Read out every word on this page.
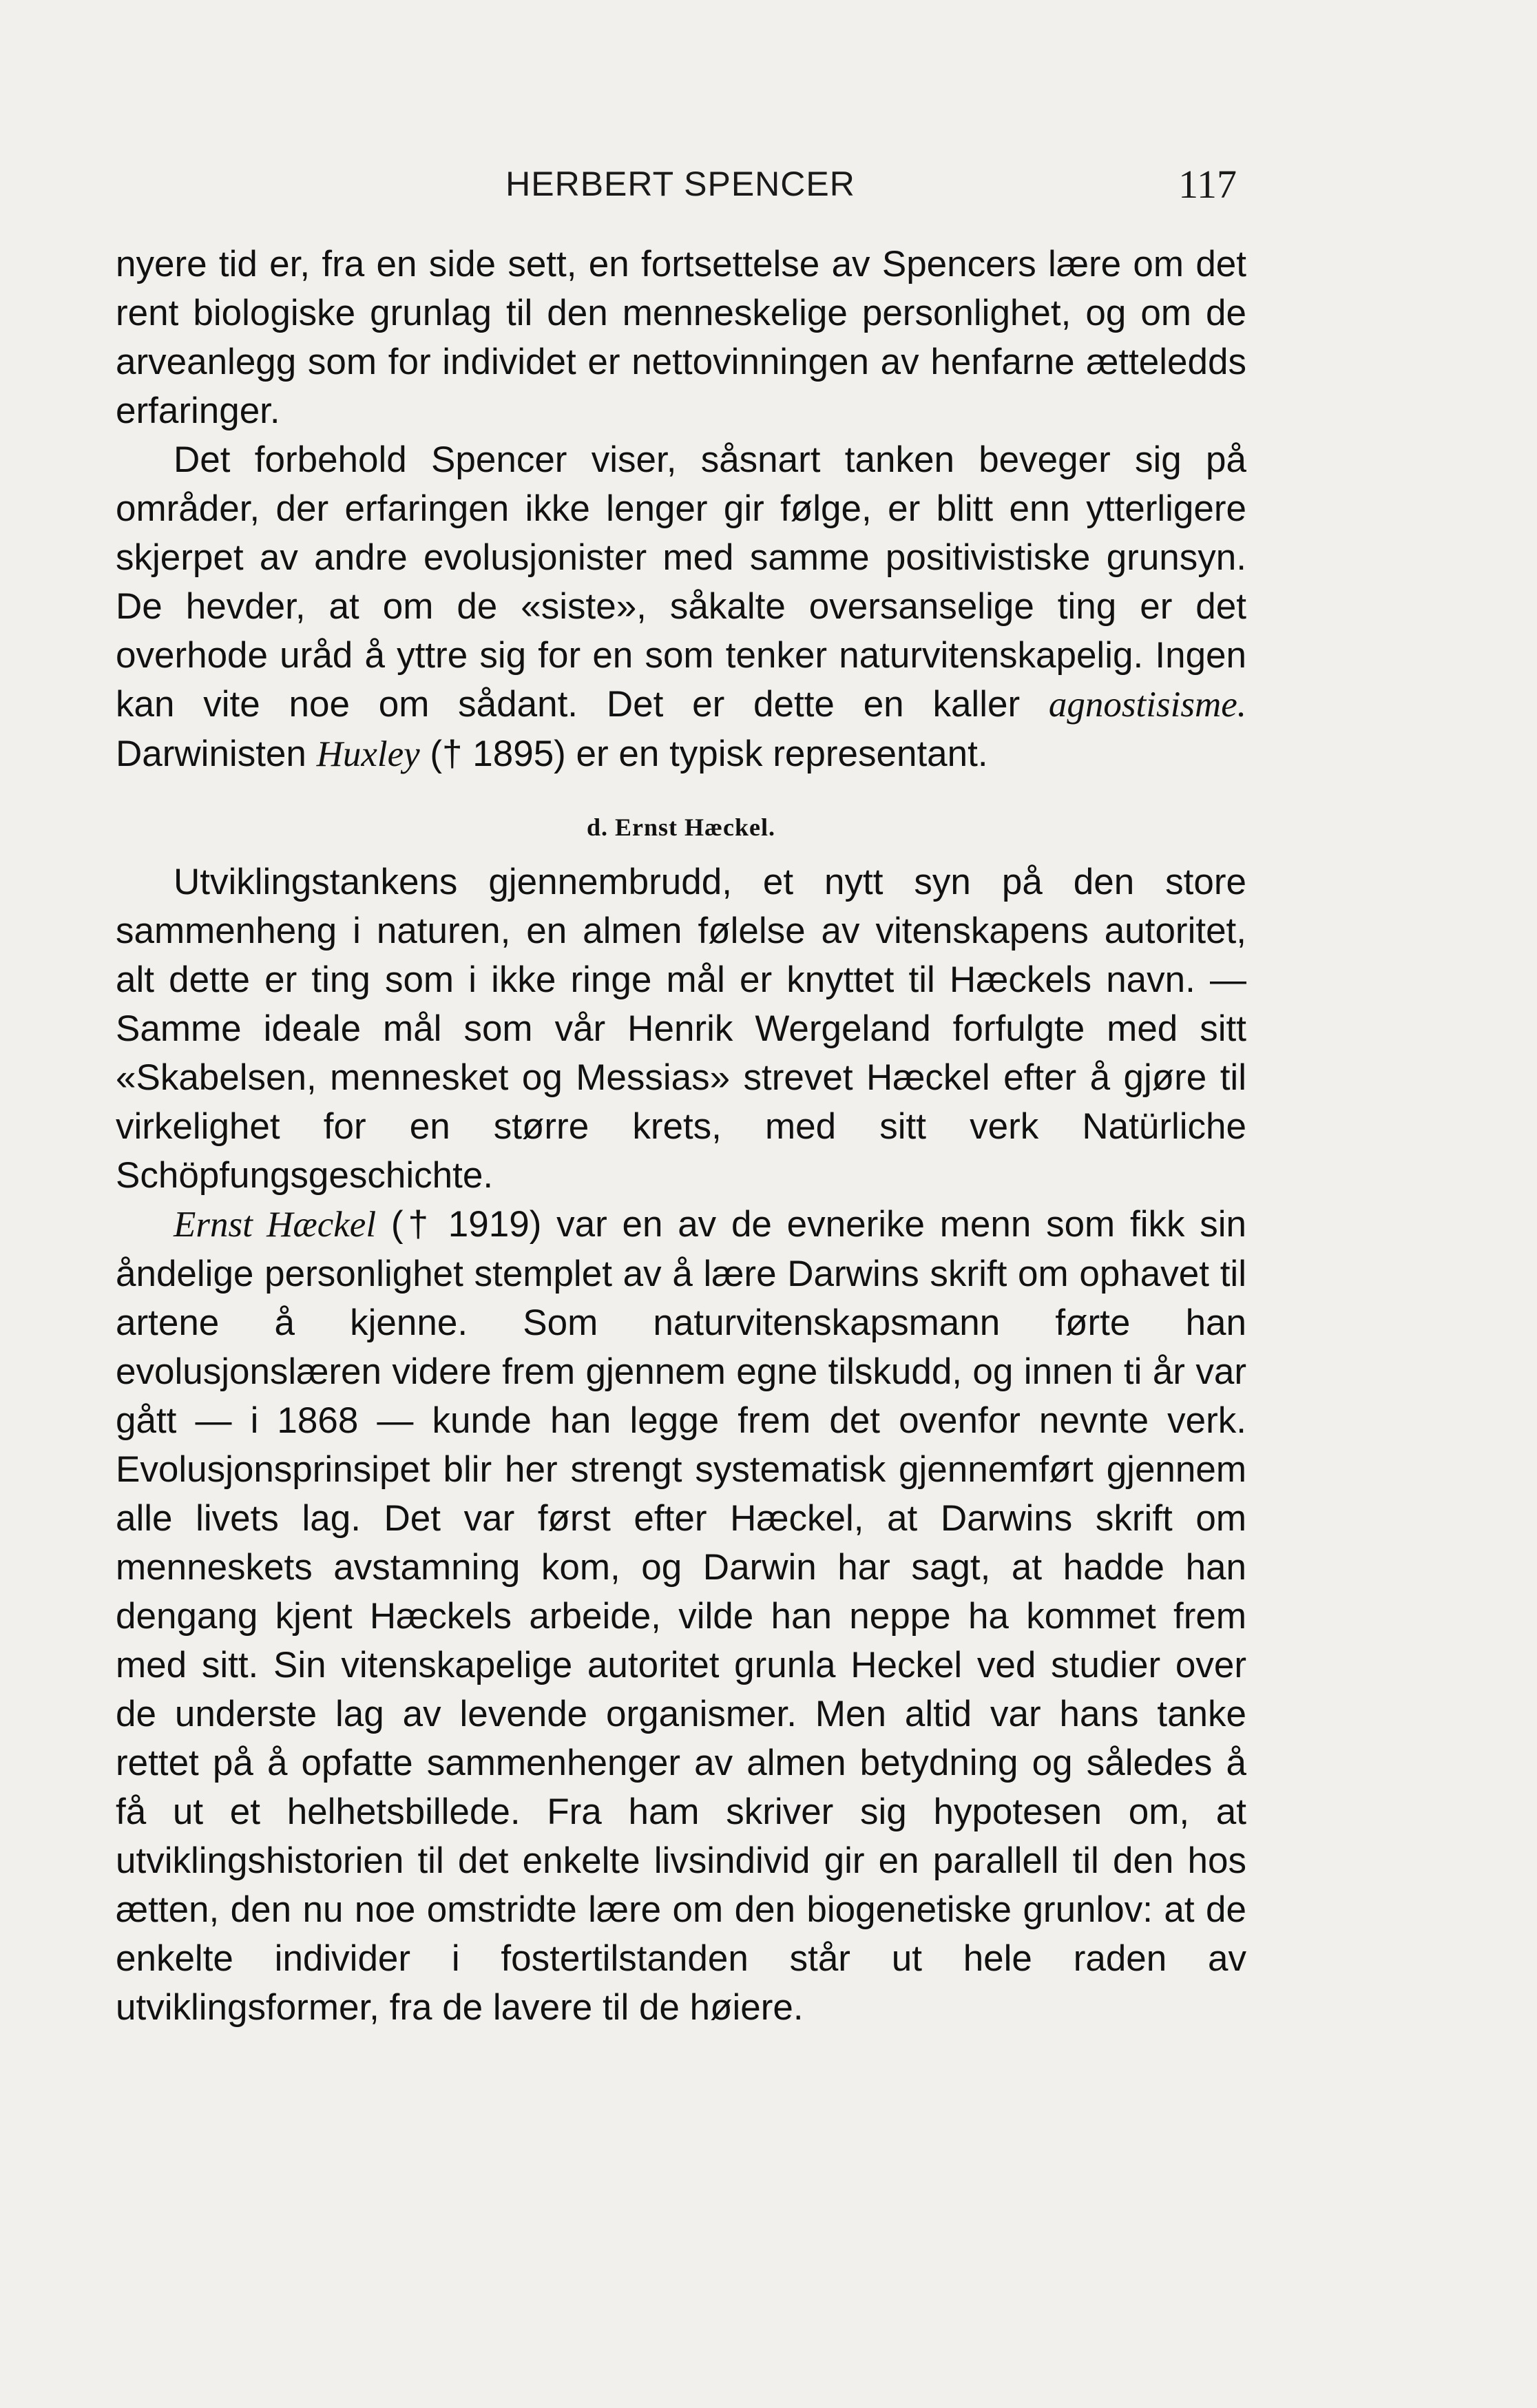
HERBERT SPENCER	117

nyere tid er, fra en side sett, en fortsettelse av Spencers lære om det rent biologiske grunlag til den menneskelige personlighet, og om de arveanlegg som for individet er nettovinningen av henfarne ætteledds erfaringer.

Det forbehold Spencer viser, såsnart tanken beveger sig på områder, der erfaringen ikke lenger gir følge, er blitt enn ytterligere skjerpet av andre evolusjonister med samme positivistiske grunsyn. De hevder, at om de «siste», såkalte oversanselige ting er det overhode uråd å yttre sig for en som tenker naturvitenskapelig. Ingen kan vite noe om sådant. Det er dette en kaller agnostisisme. Darwinisten Huxley († 1895) er en typisk representant.

d. Ernst Hæckel.

Utviklingstankens gjennembrudd, et nytt syn på den store sammenheng i naturen, en almen følelse av vitenskapens autoritet, alt dette er ting som i ikke ringe mål er knyttet til Hæckels navn. — Samme ideale mål som vår Henrik Wergeland forfulgte med sitt «Skabelsen, mennesket og Messias» strevet Hæckel efter å gjøre til virkelighet for en større krets, med sitt verk Natürliche Schöpfungsgeschichte.

Ernst Hæckel († 1919) var en av de evnerike menn som fikk sin åndelige personlighet stemplet av å lære Darwins skrift om ophavet til artene å kjenne. Som naturvitenskapsmann førte han evolusjonslæren videre frem gjennem egne tilskudd, og innen ti år var gått — i 1868 — kunde han legge frem det ovenfor nevnte verk. Evolusjonsprinsipet blir her strengt systematisk gjennemført gjennem alle livets lag. Det var først efter Hæckel, at Darwins skrift om menneskets avstamning kom, og Darwin har sagt, at hadde han dengang kjent Hæckels arbeide, vilde han neppe ha kommet frem med sitt. Sin vitenskapelige autoritet grunla Heckel ved studier over de underste lag av levende organismer. Men altid var hans tanke rettet på å opfatte sammenhenger av almen betydning og således å få ut et helhetsbillede. Fra ham skriver sig hypotesen om, at utviklingshistorien til det enkelte livsindivid gir en parallell til den hos ætten, den nu noe omstridte lære om den biogenetiske grunlov: at de enkelte individer i fostertilstanden står ut hele raden av utviklingsformer, fra de lavere til de høiere.
